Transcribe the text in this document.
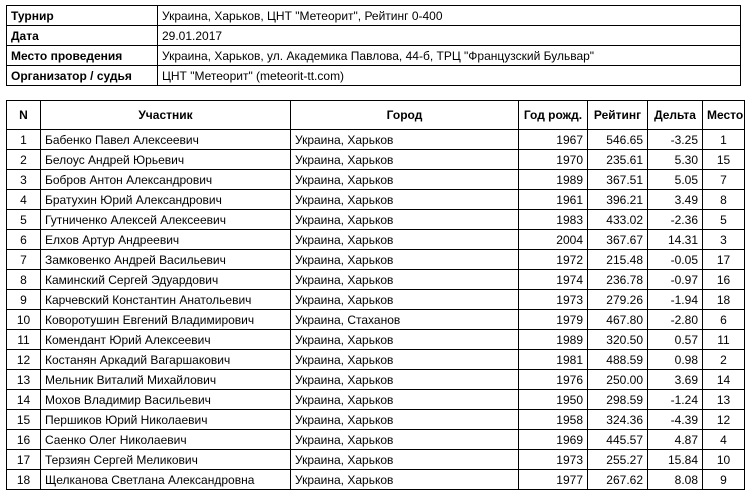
Турнир	Украина, Харьков, ЦНТ "Метеорит", Рейтинг 0-400
Дата	29.01.2017
Место проведения	Украина, Харьков, ул. Академика Павлова, 44-б, ТРЦ "Французский Бульвар"
Организатор / судья	ЦНТ "Метеорит" (meteorit-tt.com)
N	Участник	Город	Год рожд.	Рейтинг	Дельта	Место
1	Бабенко Павел Алексеевич	Украина, Харьков	1967	546.65	-3.25	1
2	Белоус Андрей Юрьевич	Украина, Харьков	1970	235.61	5.30	15
3	Бобров Антон Александрович	Украина, Харьков	1989	367.51	5.05	7
4	Братухин Юрий Александрович	Украина, Харьков	1961	396.21	3.49	8
5	Гутниченко Алексей Алексеевич	Украина, Харьков	1983	433.02	-2.36	5
6	Елхов Артур Андреевич	Украина, Харьков	2004	367.67	14.31	3
7	Замковенко Андрей Васильевич	Украина, Харьков	1972	215.48	-0.05	17
8	Каминский Сергей Эдуардович	Украина, Харьков	1974	236.78	-0.97	16
9	Карчевский Константин Анатольевич	Украина, Харьков	1973	279.26	-1.94	18
10	Коворотушин Евгений Владимирович	Украина, Стаханов	1979	467.80	-2.80	6
11	Комендант Юрий Алексеевич	Украина, Харьков	1989	320.50	0.57	11
12	Костанян Аркадий Вагаршакович	Украина, Харьков	1981	488.59	0.98	2
13	Мельник Виталий Михайлович	Украина, Харьков	1976	250.00	3.69	14
14	Мохов Владимир Васильевич	Украина, Харьков	1950	298.59	-1.24	13
15	Першиков Юрий Николаевич	Украина, Харьков	1958	324.36	-4.39	12
16	Саенко Олег Николаевич	Украина, Харьков	1969	445.57	4.87	4
17	Терзиян Сергей Меликович	Украина, Харьков	1973	255.27	15.84	10
18	Щелканова Светлана Александровна	Украина, Харьков	1977	267.62	8.08	9
